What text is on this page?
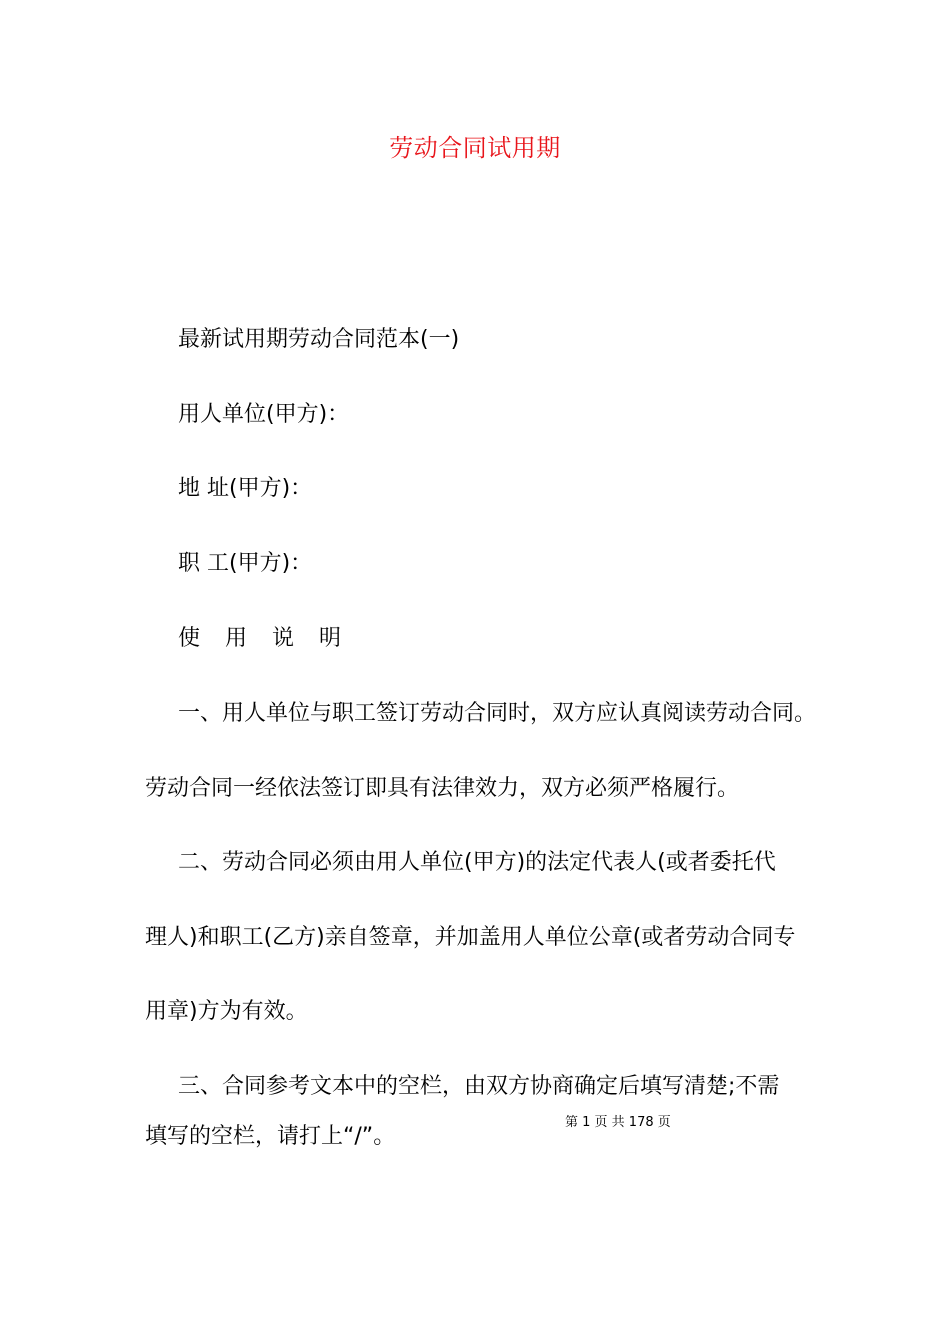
劳动合同试用期
最新试用期劳动合同范本(一)
用人单位(甲方)：
地 址(甲方)：
职 工(甲方)：
使 用 说 明
一、用人单位与职工签订劳动合同时，双方应认真阅读劳动合同。
劳动合同一经依法签订即具有法律效力，双方必须严格履行。
二、劳动合同必须由用人单位(甲方)的法定代表人(或者委托代
理人)和职工(乙方)亲自签章，并加盖用人单位公章(或者劳动合同专
用章)方为有效。
三、合同参考文本中的空栏，由双方协商确定后填写清楚;不需
第 1 页 共 178 页
填写的空栏，请打上“/”。
